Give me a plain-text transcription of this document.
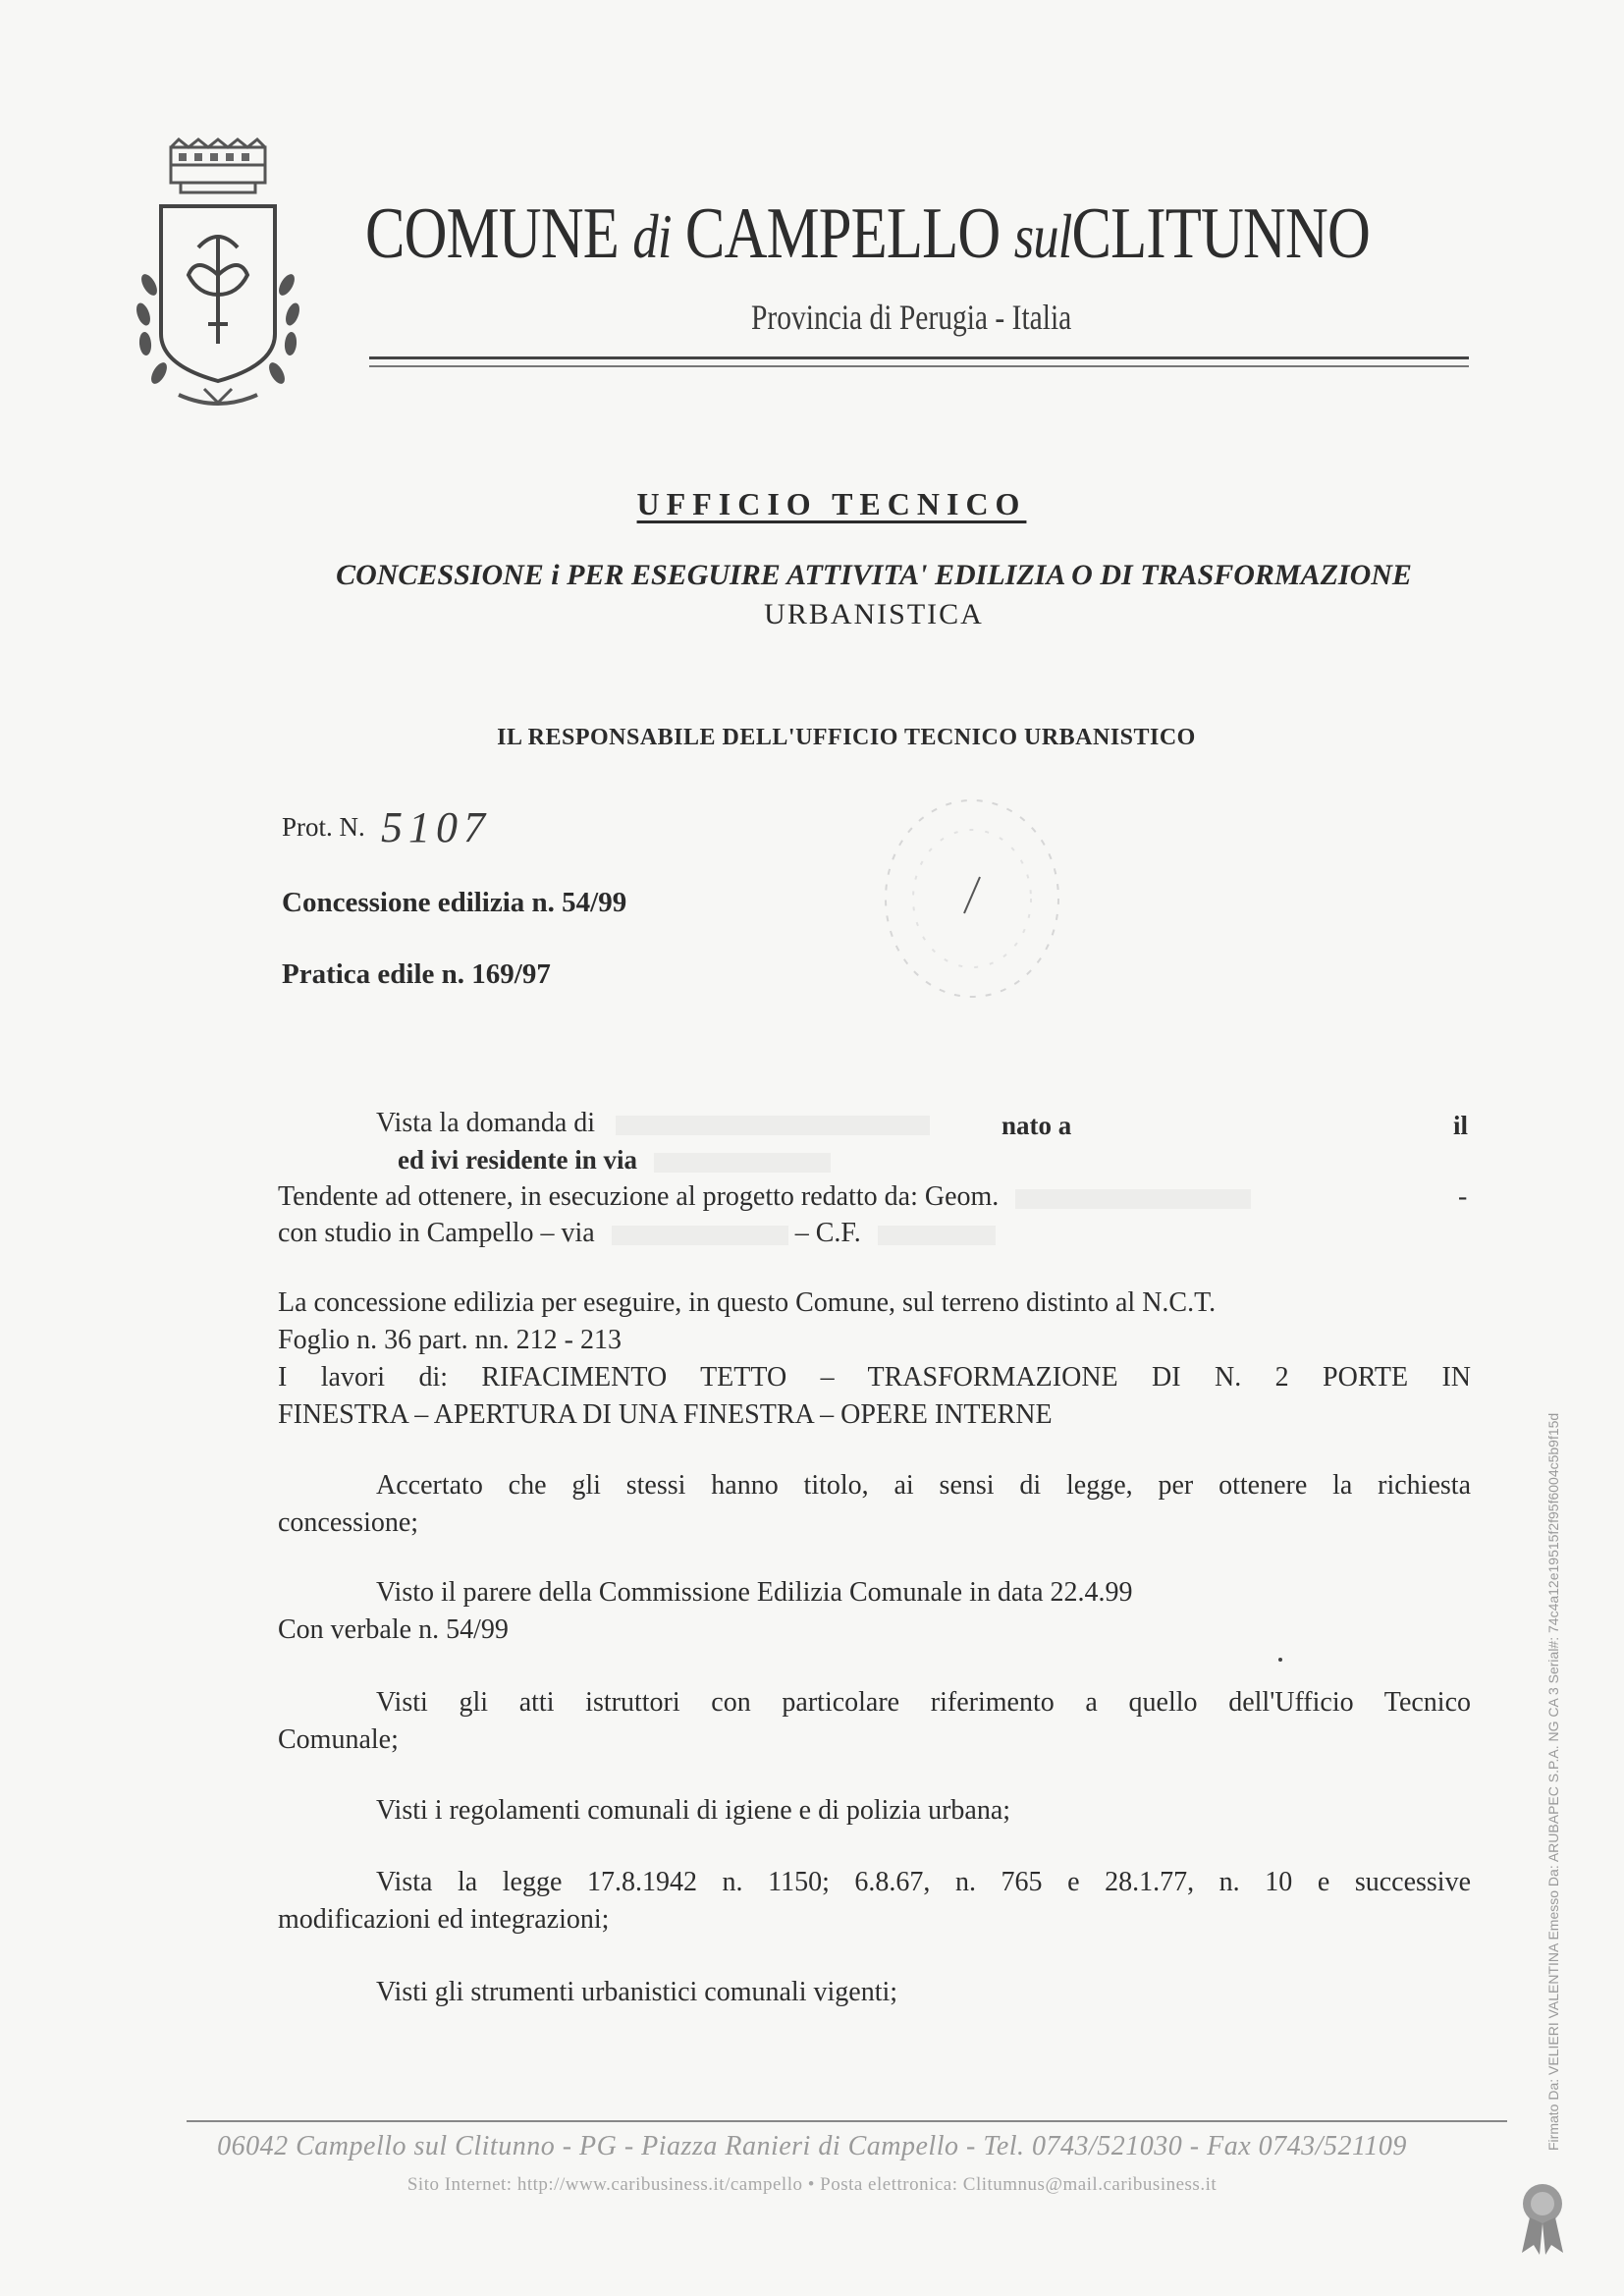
COMUNE di CAMPELLO sulCLITUNNO
Provincia di Perugia - Italia
UFFICIO TECNICO
CONCESSIONE i PER ESEGUIRE ATTIVITA' EDILIZIA O DI TRASFORMAZIONE
URBANISTICA
IL RESPONSABILE DELL'UFFICIO TECNICO URBANISTICO
Prot. N. 5107
Concessione edilizia n. 54/99
Pratica edile n. 169/97
Vista la domanda di	nato a	il
ed ivi residente in via
Tendente ad ottenere, in esecuzione al progetto redatto da: Geom.	-
con studio in Campello – via	– C.F.
La concessione edilizia per eseguire, in questo Comune, sul terreno distinto al N.C.T.
Foglio n. 36 part. nn. 212 - 213
I lavori di: RIFACIMENTO TETTO – TRASFORMAZIONE DI N. 2 PORTE IN
FINESTRA – APERTURA DI UNA FINESTRA – OPERE INTERNE
Accertato che gli stessi hanno titolo, ai sensi di legge, per ottenere la richiesta
concessione;
Visto il parere della Commissione Edilizia Comunale in data 22.4.99
Con verbale n. 54/99
Visti gli atti istruttori con particolare riferimento a quello dell'Ufficio Tecnico
Comunale;
Visti i regolamenti comunali di igiene e di polizia urbana;
Vista la legge 17.8.1942 n. 1150; 6.8.67, n. 765 e 28.1.77, n. 10 e successive
modificazioni ed integrazioni;
Visti gli strumenti urbanistici comunali vigenti;
06042 Campello sul Clitunno - PG - Piazza Ranieri di Campello - Tel. 0743/521030 - Fax 0743/521109
Sito Internet: http://www.caribusiness.it/campello • Posta elettronica: Clitumnus@mail.caribusiness.it
Firmato Da: VELIERI VALENTINA Emesso Da: ARUBAPEC S.P.A. NG CA 3 Serial#: 74c4a12e19515f2f95f6004c5b9f15d
